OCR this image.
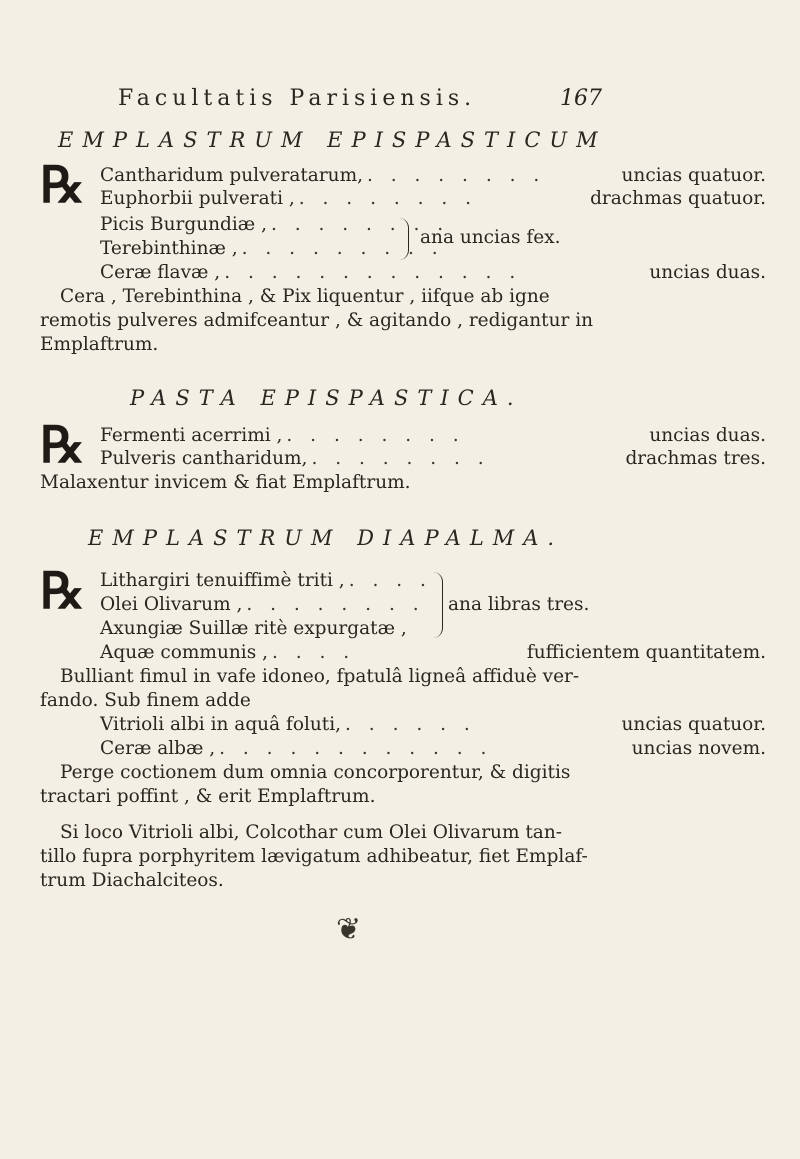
Facultatis Parisiensis.	167
EMPLASTRUM EPISPASTICUM
℞ Cantharidum pulveratarum, . . . . . . . .	uncias quatuor.
Euphorbii pulverati , . . . . . . . .	drachmas quatuor.
Picis Burgundiæ , . . . . . . . .
Terebinthinæ , . . . . . . . . .
ana uncias fex.
Ceræ flavæ , . . . . . . . . . . . . .	uncias duas.
Cera , Terebinthina , & Pix liquentur , iifque ab igne
remotis pulveres admifceantur , & agitando , redigantur in
Emplaftrum.
PASTA EPISPASTICA.
℞ Fermenti acerrimi , . . . . . . . .	uncias duas.
Pulveris cantharidum, . . . . . . . .	drachmas tres.
Malaxentur invicem & fiat Emplaftrum.
EMPLASTRUM DIAPALMA.
℞ Lithargiri tenuiffimè triti , . . . .
Olei Olivarum , . . . . . . . .
Axungiæ Suillæ ritè expurgatæ ,
ana libras tres.
Aquæ communis , . . . .	fufficientem quantitatem.
Bulliant fimul in vafe idoneo, fpatulâ ligneâ affiduè ver-
fando. Sub finem adde
Vitrioli albi in aquâ foluti, . . . . . .	uncias quatuor.
Ceræ albæ , . . . . . . . . . . . .	uncias novem.
Perge coctionem dum omnia concorporentur, & digitis
tractari poffint , & erit Emplaftrum.
Si loco Vitrioli albi, Colcothar cum Olei Olivarum tan-
tillo fupra porphyritem lævigatum adhibeatur, fiet Emplaf-
trum Diachalciteos.
❦
